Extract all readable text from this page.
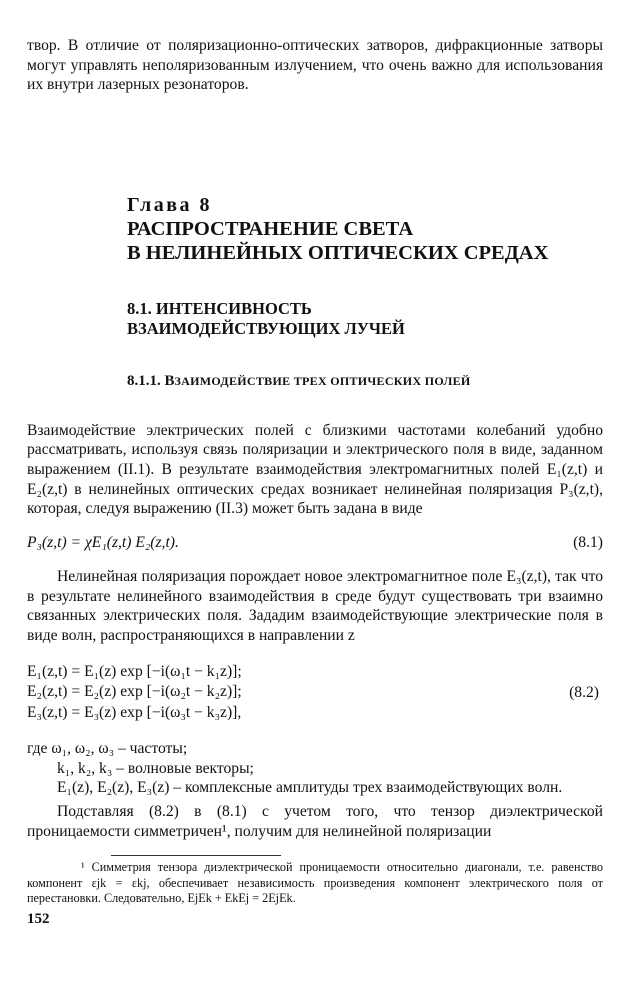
твор. В отличие от поляризационно-оптических затворов, дифракционные затворы могут управлять неполяризованным излучением, что очень важно для использования их внутри лазерных резонаторов.

Глава 8
РАСПРОСТРАНЕНИЕ СВЕТА
В НЕЛИНЕЙНЫХ ОПТИЧЕСКИХ СРЕДАХ
8.1. ИНТЕНСИВНОСТЬ
ВЗАИМОДЕЙСТВУЮЩИХ ЛУЧЕЙ
8.1.1. ВЗАИМОДЕЙСТВИЕ ТРЕХ ОПТИЧЕСКИХ ПОЛЕЙ

Взаимодействие электрических полей с близкими частотами колебаний удобно рассматривать, используя связь поляризации и электрического поля в виде, заданном выражением (II.1). В результате взаимодействия электромагнитных полей E₁(z,t) и E₂(z,t) в нелинейных оптических средах возникает нелинейная поляризация P₃(z,t), которая, следуя выражению (II.3) может быть задана в виде

P₃(z,t) = χE₁(z,t) E₂(z,t).	(8.1)

Нелинейная поляризация порождает новое электромагнитное поле E₃(z,t), так что в результате нелинейного взаимодействия в среде будут существовать три взаимно связанных электрических поля. Зададим взаимодействующие электрические поля в виде волн, распространяющихся в направлении z

E₁(z,t) = E₁(z) exp [−i(ω₁t − k₁z)];
E₂(z,t) = E₂(z) exp [−i(ω₂t − k₂z)];
E₃(z,t) = E₃(z) exp [−i(ω₃t − k₃z)],
(8.2)

где ω₁, ω₂, ω₃ – частоты;

k₁, k₂, k₃ – волновые векторы;

E₁(z), E₂(z), E₃(z) – комплексные амплитуды трех взаимодействующих волн.

Подставляя (8.2) в (8.1) с учетом того, что тензор диэлектрической проницаемости симметричен¹, получим для нелинейной поляризации

¹ Симметрия тензора диэлектрической проницаемости относительно диагонали, т.е. равенство компонент εjk = εkj, обеспечивает независимость произведения компонент электрического поля от перестановки. Следовательно, EjEk + EkEj = 2EjEk.

152
